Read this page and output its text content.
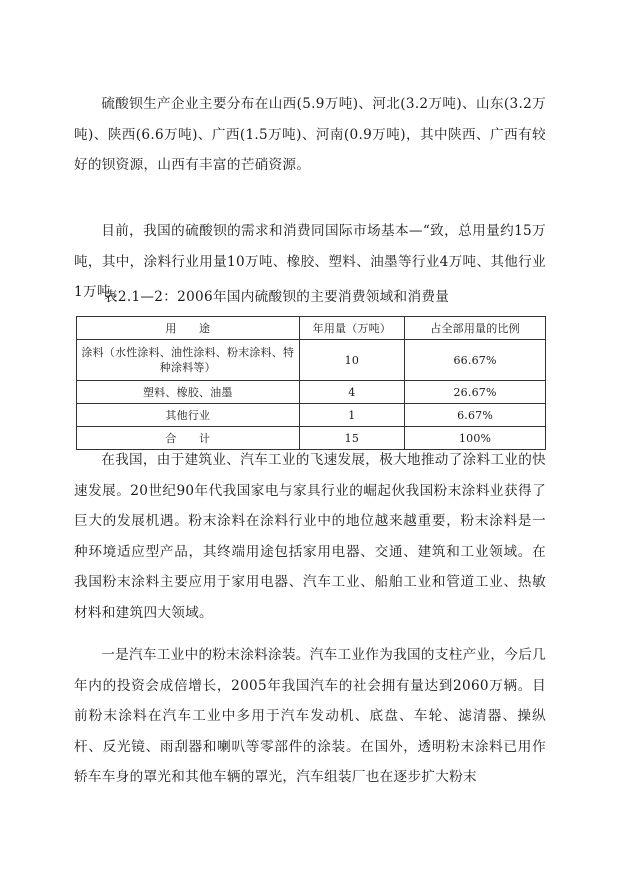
硫酸钡生产企业主要分布在山西(5.9万吨)、河北(3.2万吨)、山东(3.2万吨)、陕西(6.6万吨)、广西(1.5万吨)、河南(0.9万吨)，其中陕西、广西有较好的钡资源，山西有丰富的芒硝资源。

目前，我国的硫酸钡的需求和消费同国际市场基本—“致，总用量约15万吨，其中，涂料行业用量10万吨、橡胶、塑料、油墨等行业4万吨、其他行业1万吨。

表2.1—2：2006年国内硫酸钡的主要消费领域和消费量

用　　途	年用量（万吨）	占全部用量的比例
涂料（水性涂料、油性涂料、粉末涂料、特种涂料等）	10	66.67%
塑料、橡胶、油墨	4	26.67%
其他行业	1	6.67%
合　　计	15	100%

在我国，由于建筑业、汽车工业的飞速发展，极大地推动了涂料工业的快速发展。20世纪90年代我国家电与家具行业的崛起伙我国粉末涂料业获得了巨大的发展机遇。粉末涂料在涂料行业中的地位越来越重要，粉末涂料是一种环境适应型产品，其终端用途包括家用电器、交通、建筑和工业领域。在我国粉末涂料主要应用于家用电器、汽车工业、船舶工业和管道工业、热敏材料和建筑四大领域。

一是汽车工业中的粉末涂料涂装。汽车工业作为我国的支柱产业，今后几年内的投资会成倍增长，2005年我国汽车的社会拥有量达到2060万辆。目前粉末涂料在汽车工业中多用于汽车发动机、底盘、车轮、滤清器、操纵杆、反光镜、雨刮器和喇叭等零部件的涂装。在国外，透明粉末涂料已用作轿车车身的罩光和其他车辆的罩光，汽车组装厂也在逐步扩大粉末
